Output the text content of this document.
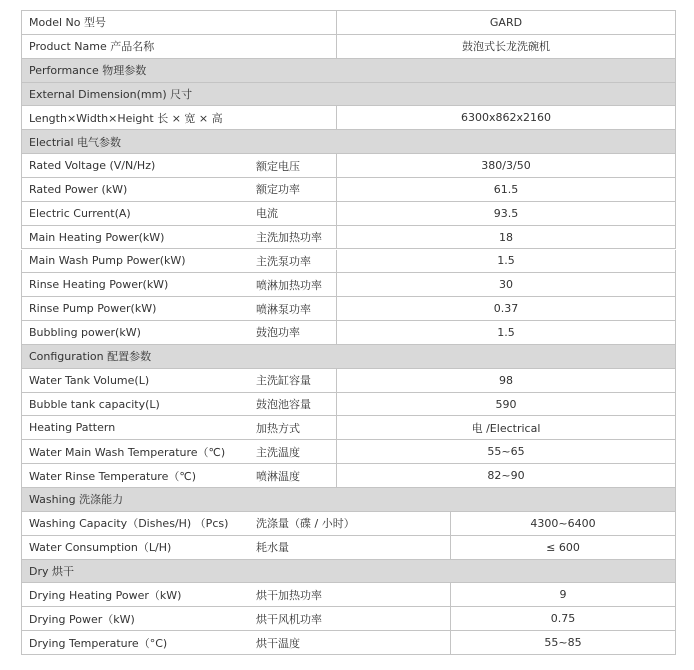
Model No 型号	GARD
Product Name 产品名称	鼓泡式长龙洗碗机
Performance 物理参数
External Dimension(mm) 尺寸
Length×Width×Height 长 × 宽 × 高	6300x862x2160
Electrial 电气参数
Rated Voltage (V/N/Hz)	额定电压	380/3/50
Rated Power (kW)	额定功率	61.5
Electric Current(A)	电流	93.5
Main Heating Power(kW)	主洗加热功率	18
Main Wash Pump Power(kW)	主洗泵功率	1.5
Rinse Heating Power(kW)	喷淋加热功率	30
Rinse Pump Power(kW)	喷淋泵功率	0.37
Bubbling power(kW)	鼓泡功率	1.5
Configuration 配置参数
Water Tank Volume(L)	主洗缸容量	98
Bubble tank capacity(L)	鼓泡池容量	590
Heating Pattern	加热方式	电 /Electrical
Water Main Wash Temperature（℃)	主洗温度	55~65
Water Rinse Temperature（℃)	喷淋温度	82~90
Washing 洗涤能力
Washing Capacity（Dishes/H) （Pcs)	洗涤量（碟 / 小时）	4300~6400
Water Consumption（L/H)	耗水量	≤ 600
Dry 烘干
Drying Heating Power（kW)	烘干加热功率	9
Drying Power（kW)	烘干风机功率	0.75
Drying Temperature（°C)	烘干温度	55~85
